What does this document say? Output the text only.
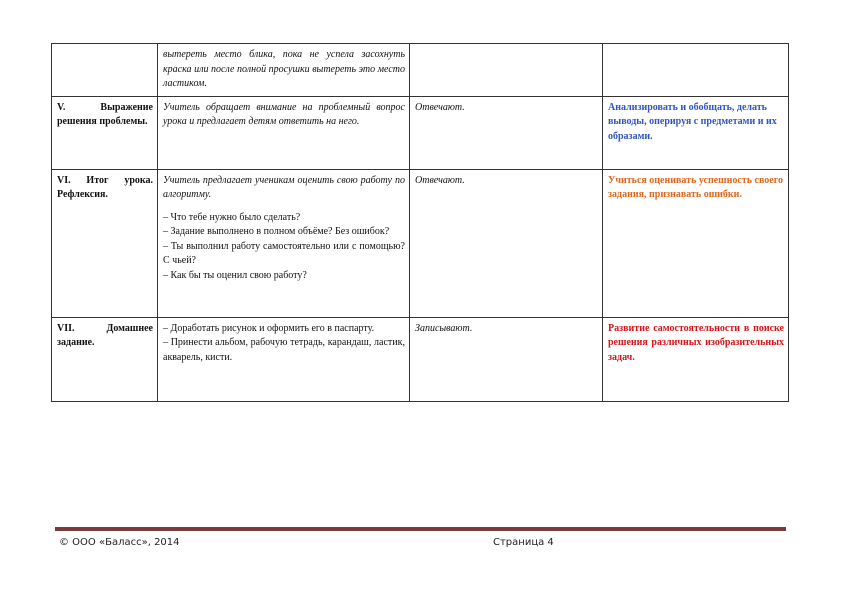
	вытереть место блика, пока не успела засохнуть краска или после полной просушки вытереть это место ластиком.		
V. Выражение решения проблемы.	Учитель обращает внимание на проблемный вопрос урока и предлагает детям ответить на него.	Отвечают.	Анализировать и обобщать, делать выводы, оперируя с предметами и их образами.
VI. Итог урока. Рефлексия.	Учитель предлагает ученикам оценить свою работу по алгоритму.
– Что тебе нужно было сделать?
– Задание выполнено в полном объёме? Без ошибок?
– Ты выполнил работу самостоятельно или с помощью? С чьей?
– Как бы ты оценил свою работу?	Отвечают.	Учиться оценивать успешность своего задания, признавать ошибки.
VII. Домашнее задание.	– Доработать рисунок и оформить его в паспарту.
– Принести альбом, рабочую тетрадь, карандаш, ластик, акварель, кисти.	Записывают.	Развитие самостоятельности в поиске решения различных изобразительных задач.
© ООО «Баласс», 2014	Страница 4
